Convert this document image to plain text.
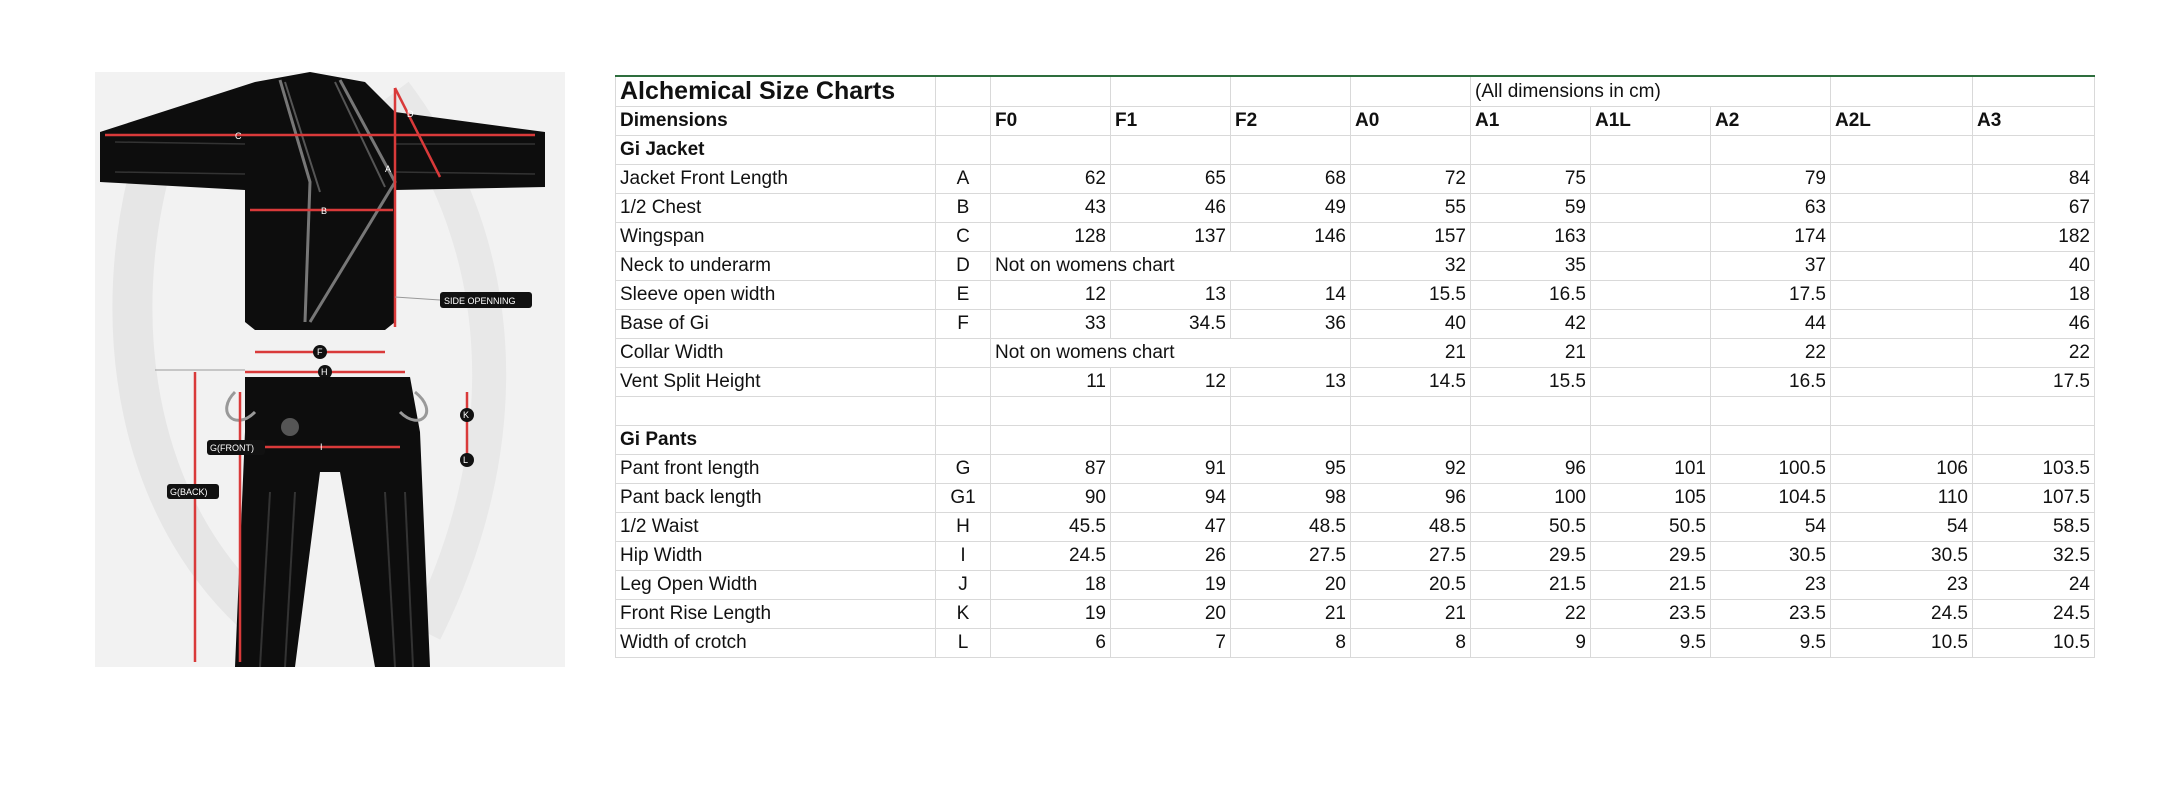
C
B
A
D
SIDE OPENNING
F
H
I
K
L
G(FRONT)
G(BACK)
Alchemical Size Charts						(All dimensions in cm)				
Dimensions		F0	F1	F2	A0	A1	A1L	A2	A2L	A3
Gi Jacket										
Jacket Front Length	A	62	65	68	72	75		79		84
1/2 Chest	B	43	46	49	55	59		63		67
Wingspan	C	128	137	146	157	163		174		182
Neck to underarm	D	Not on womens chart			32	35		37		40
Sleeve open width	E	12	13	14	15.5	16.5		17.5		18
Base of Gi	F	33	34.5	36	40	42		44		46
Collar Width		Not on womens chart			21	21		22		22
Vent Split Height		11	12	13	14.5	15.5		16.5		17.5

Gi Pants										
Pant front length	G	87	91	95	92	96	101	100.5	106	103.5
Pant back length	G1	90	94	98	96	100	105	104.5	110	107.5
1/2 Waist	H	45.5	47	48.5	48.5	50.5	50.5	54	54	58.5
Hip Width	I	24.5	26	27.5	27.5	29.5	29.5	30.5	30.5	32.5
Leg Open Width	J	18	19	20	20.5	21.5	21.5	23	23	24
Front Rise Length	K	19	20	21	21	22	23.5	23.5	24.5	24.5
Width of crotch	L	6	7	8	8	9	9.5	9.5	10.5	10.5
